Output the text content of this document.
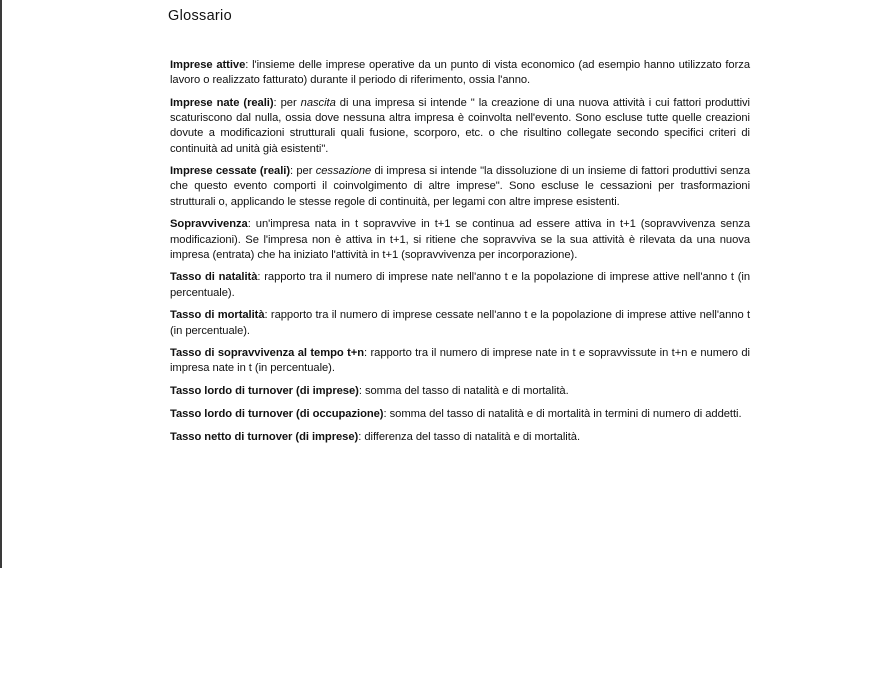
Glossario
Imprese attive: l'insieme delle imprese operative da un punto di vista economico (ad esempio hanno utilizzato forza lavoro o realizzato fatturato) durante il periodo di riferimento, ossia l'anno.
Imprese nate (reali): per nascita di una impresa si intende " la creazione di una nuova attività i cui fattori produttivi scaturiscono dal nulla, ossia dove nessuna altra impresa è coinvolta nell'evento. Sono escluse tutte quelle creazioni dovute a modificazioni strutturali quali fusione, scorporo, etc. o che risultino collegate secondo specifici criteri di continuità ad unità già esistenti".
Imprese cessate (reali): per cessazione di impresa si intende "la dissoluzione di un insieme di fattori produttivi senza che questo evento comporti il coinvolgimento di altre imprese". Sono escluse le cessazioni per trasformazioni strutturali o, applicando le stesse regole di continuità, per legami con altre imprese esistenti.
Sopravvivenza: un'impresa nata in t sopravvive in t+1 se continua ad essere attiva in t+1 (sopravvivenza senza modificazioni). Se l'impresa non è attiva in t+1, si ritiene che sopravviva se la sua attività è rilevata da una nuova impresa (entrata) che ha iniziato l'attività in t+1 (sopravvivenza per incorporazione).
Tasso di natalità: rapporto tra il numero di imprese nate nell'anno t e la popolazione di imprese attive nell'anno t (in percentuale).
Tasso di mortalità: rapporto tra il numero di imprese cessate nell'anno t e la popolazione di imprese attive nell'anno t (in percentuale).
Tasso di sopravvivenza al tempo t+n: rapporto tra il numero di imprese nate in t e sopravvissute in t+n e numero di impresa nate in t (in percentuale).
Tasso lordo di turnover (di imprese): somma del tasso di natalità e di mortalità.
Tasso lordo di turnover (di occupazione): somma del tasso di natalità e di mortalità in termini di numero di addetti.
Tasso netto di turnover (di imprese): differenza del tasso di natalità e di mortalità.
